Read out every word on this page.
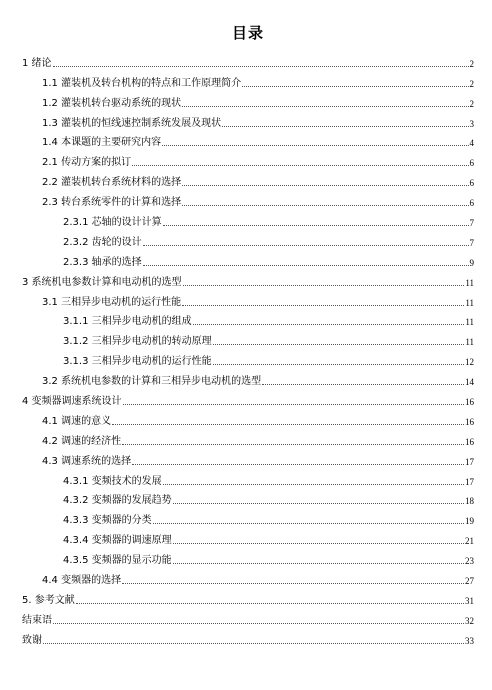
目录
1 绪论	2
1.1 灌装机及转台机构的特点和工作原理简介	2
1.2 灌装机转台驱动系统的现状	2
1.3 灌装机的恒线速控制系统发展及现状	3
1.4 本课题的主要研究内容	4
2.1 传动方案的拟订	6
2.2 灌装机转台系统材料的选择	6
2.3 转台系统零件的计算和选择	6
2.3.1 芯轴的设计计算	7
2.3.2 齿轮的设计	7
2.3.3 轴承的选择	9
3 系统机电参数计算和电动机的选型	11
3.1 三相异步电动机的运行性能	11
3.1.1 三相异步电动机的组成	11
3.1.2 三相异步电动机的转动原理	11
3.1.3 三相异步电动机的运行性能	12
3.2 系统机电参数的计算和三相异步电动机的选型	14
4 变频器调速系统设计	16
4.1 调速的意义	16
4.2 调速的经济性	16
4.3 调速系统的选择	17
4.3.1 变频技术的发展	17
4.3.2 变频器的发展趋势	18
4.3.3 变频器的分类	19
4.3.4 变频器的调速原理	21
4.3.5 变频器的显示功能	23
4.4 变频器的选择	27
5. 参考文献	31
结束语	32
致谢	33
